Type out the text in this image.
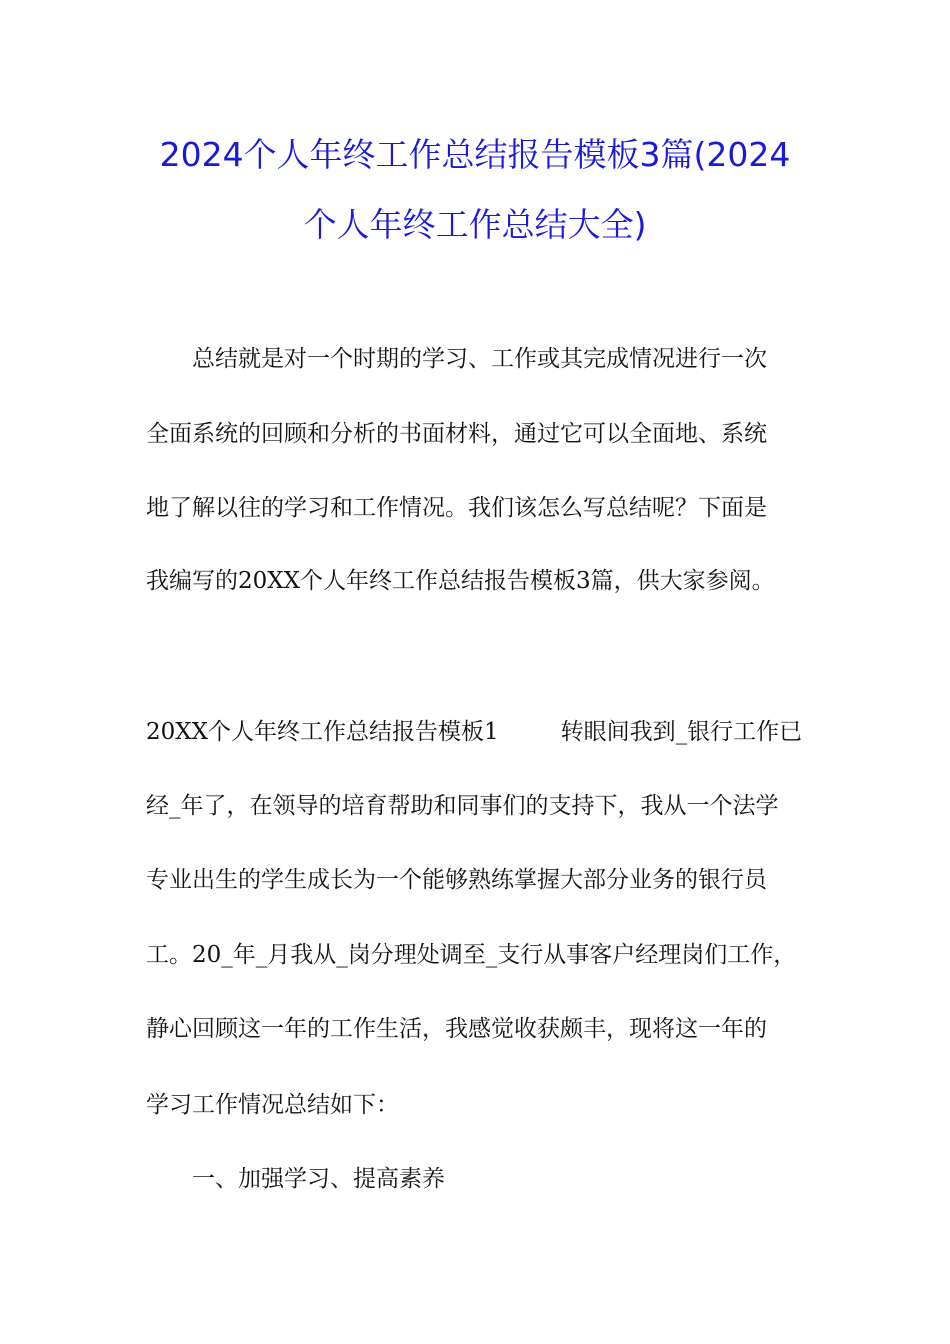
2024个人年终工作总结报告模板3篇(2024
个人年终工作总结大全)

总结就是对一个时期的学习、工作或其完成情况进行一次

全面系统的回顾和分析的书面材料，通过它可以全面地、系统

地了解以往的学习和工作情况。我们该怎么写总结呢？下面是

我编写的20XX个人年终工作总结报告模板3篇，供大家参阅。

20XX个人年终工作总结报告模板1	转眼间我到_银行工作已

经_年了，在领导的培育帮助和同事们的支持下，我从一个法学

专业出生的学生成长为一个能够熟练掌握大部分业务的银行员

工。20_年_月我从_岗分理处调至_支行从事客户经理岗们工作，

静心回顾这一年的工作生活，我感觉收获颇丰，现将这一年的

学习工作情况总结如下：

一、加强学习、提高素养
